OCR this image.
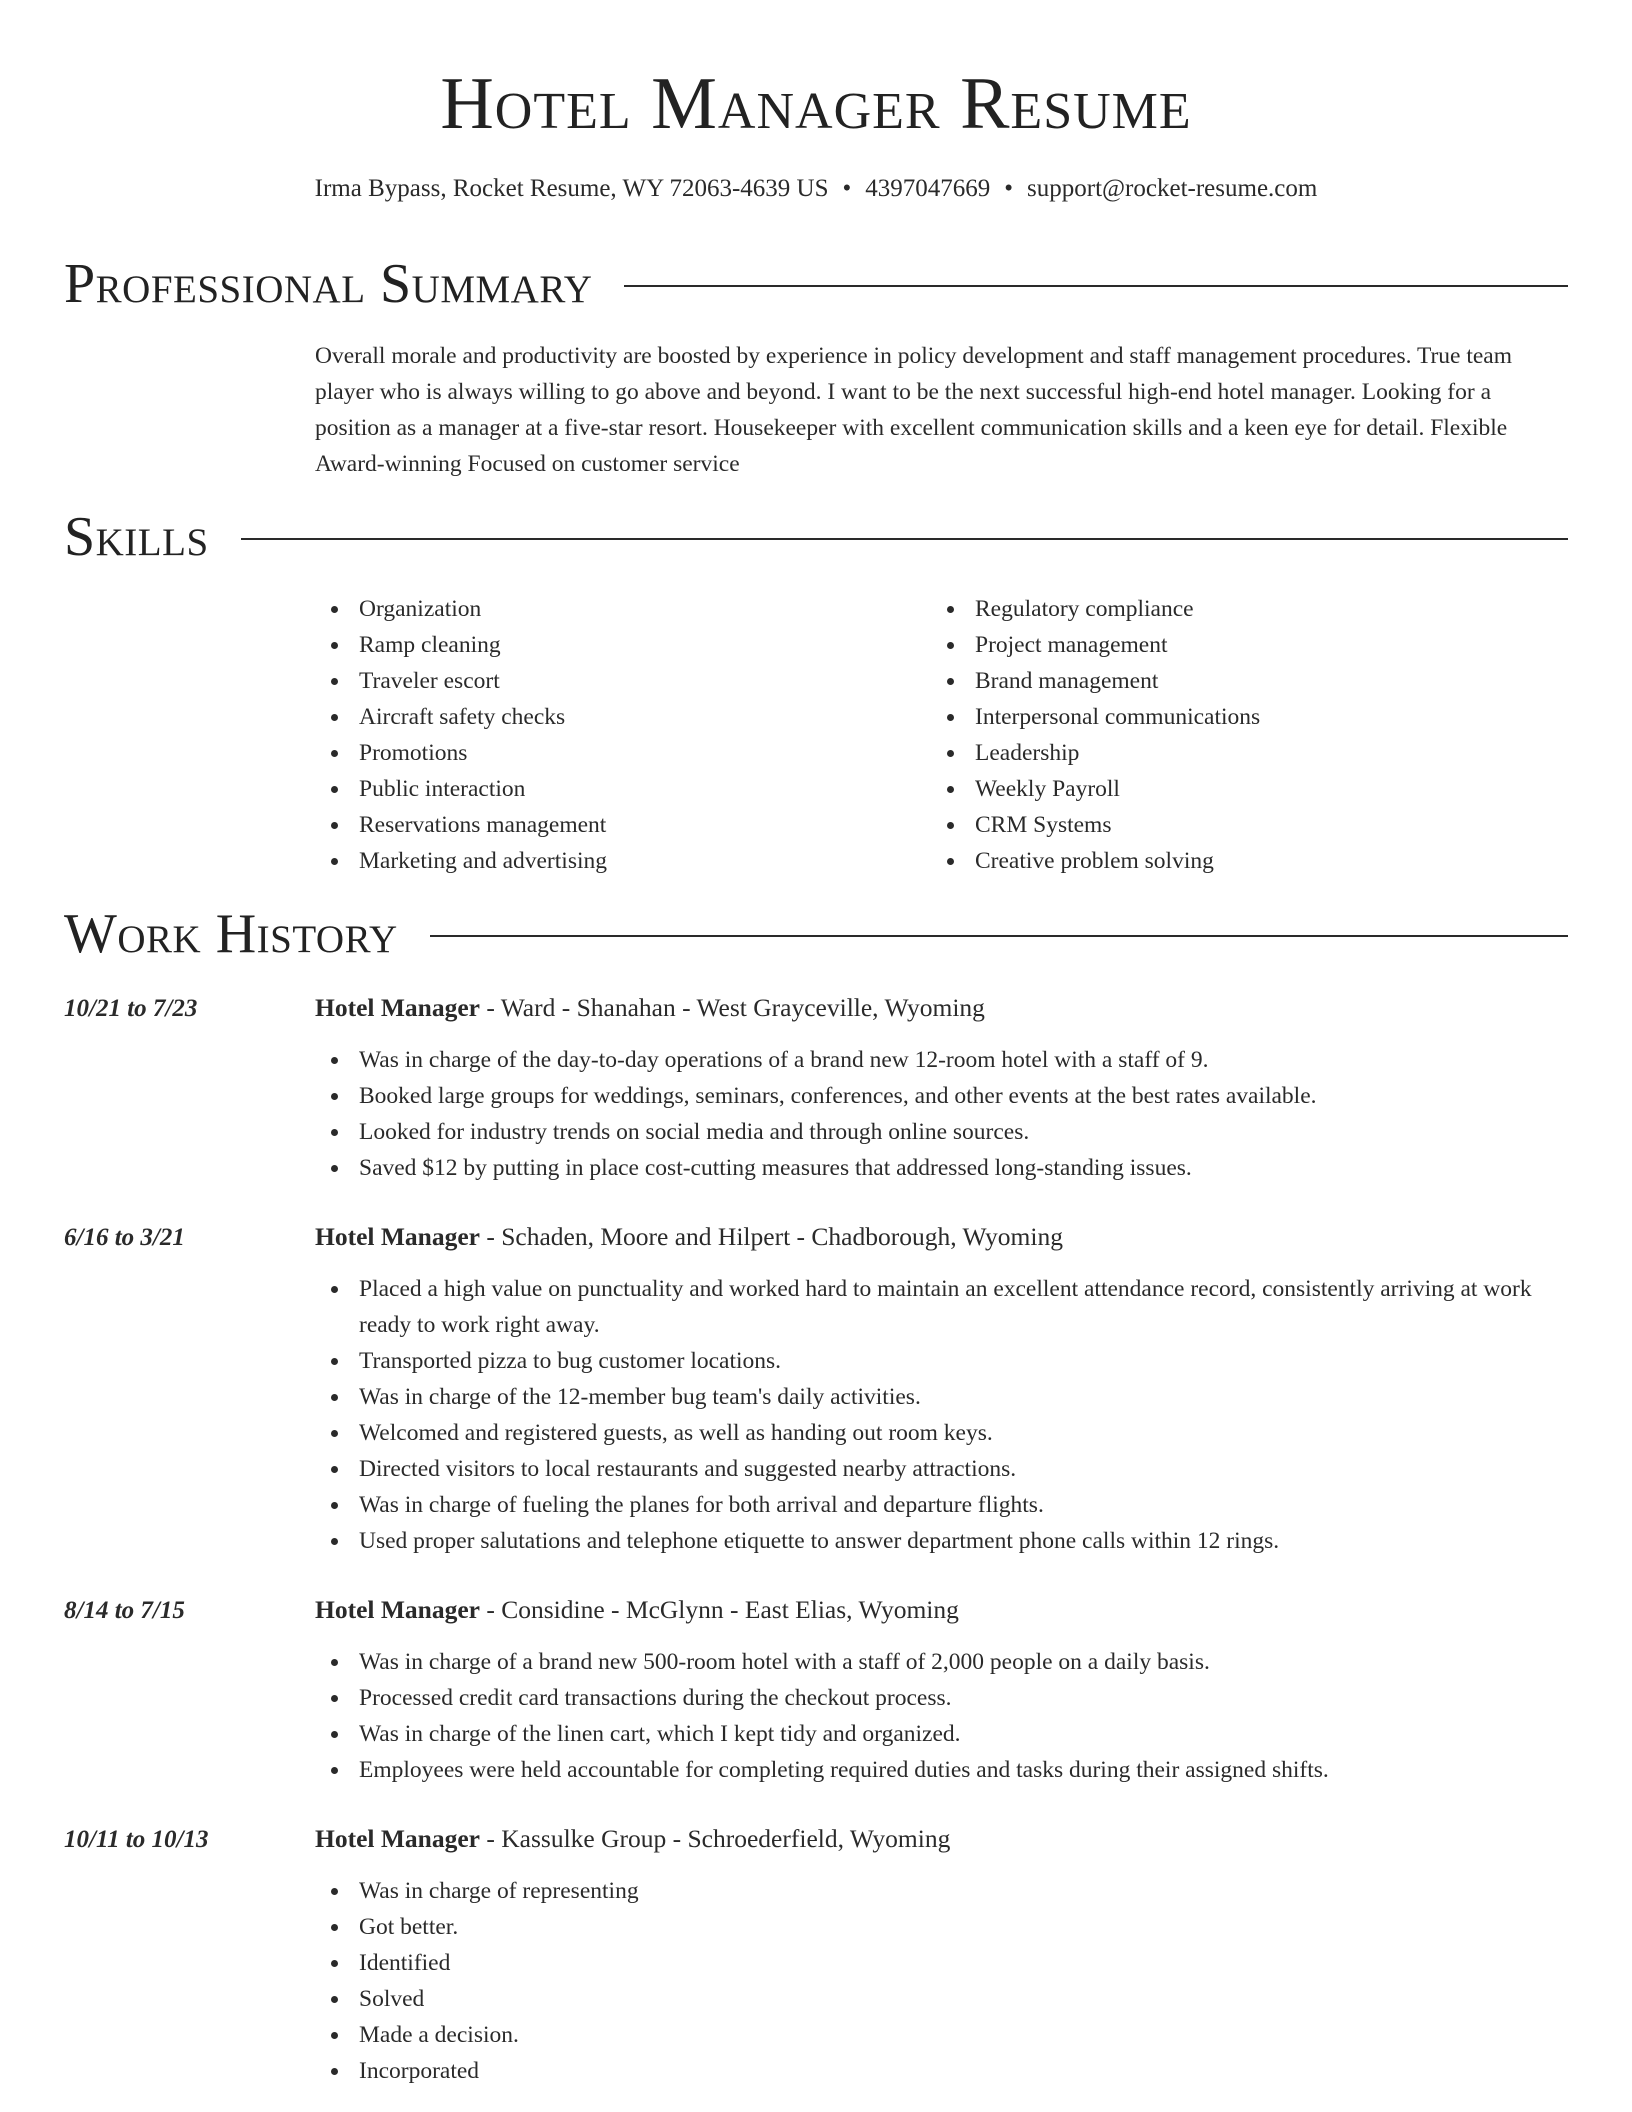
Hotel Manager Resume
Irma Bypass, Rocket Resume, WY 72063-4639 US • 4397047669 • support@rocket-resume.com
Professional Summary

Overall morale and productivity are boosted by experience in policy development and staff management procedures. True team player who is always willing to go above and beyond. I want to be the next successful high-end hotel manager. Looking for a position as a manager at a five-star resort. Housekeeper with excellent communication skills and a keen eye for detail. Flexible Award-winning Focused on customer service

Skills
Organization
Ramp cleaning
Traveler escort
Aircraft safety checks
Promotions
Public interaction
Reservations management
Marketing and advertising
Regulatory compliance
Project management
Brand management
Interpersonal communications
Leadership
Weekly Payroll
CRM Systems
Creative problem solving
Work History
10/21 to 7/23	Hotel Manager - Ward - Shanahan - West Grayceville, Wyoming
Was in charge of the day-to-day operations of a brand new 12-room hotel with a staff of 9.
Booked large groups for weddings, seminars, conferences, and other events at the best rates available.
Looked for industry trends on social media and through online sources.
Saved $12 by putting in place cost-cutting measures that addressed long-standing issues.
6/16 to 3/21	Hotel Manager - Schaden, Moore and Hilpert - Chadborough, Wyoming
Placed a high value on punctuality and worked hard to maintain an excellent attendance record, consistently arriving at work ready to work right away.
Transported pizza to bug customer locations.
Was in charge of the 12-member bug team's daily activities.
Welcomed and registered guests, as well as handing out room keys.
Directed visitors to local restaurants and suggested nearby attractions.
Was in charge of fueling the planes for both arrival and departure flights.
Used proper salutations and telephone etiquette to answer department phone calls within 12 rings.
8/14 to 7/15	Hotel Manager - Considine - McGlynn - East Elias, Wyoming
Was in charge of a brand new 500-room hotel with a staff of 2,000 people on a daily basis.
Processed credit card transactions during the checkout process.
Was in charge of the linen cart, which I kept tidy and organized.
Employees were held accountable for completing required duties and tasks during their assigned shifts.
10/11 to 10/13	Hotel Manager - Kassulke Group - Schroederfield, Wyoming
Was in charge of representing
Got better.
Identified
Solved
Made a decision.
Incorporated
